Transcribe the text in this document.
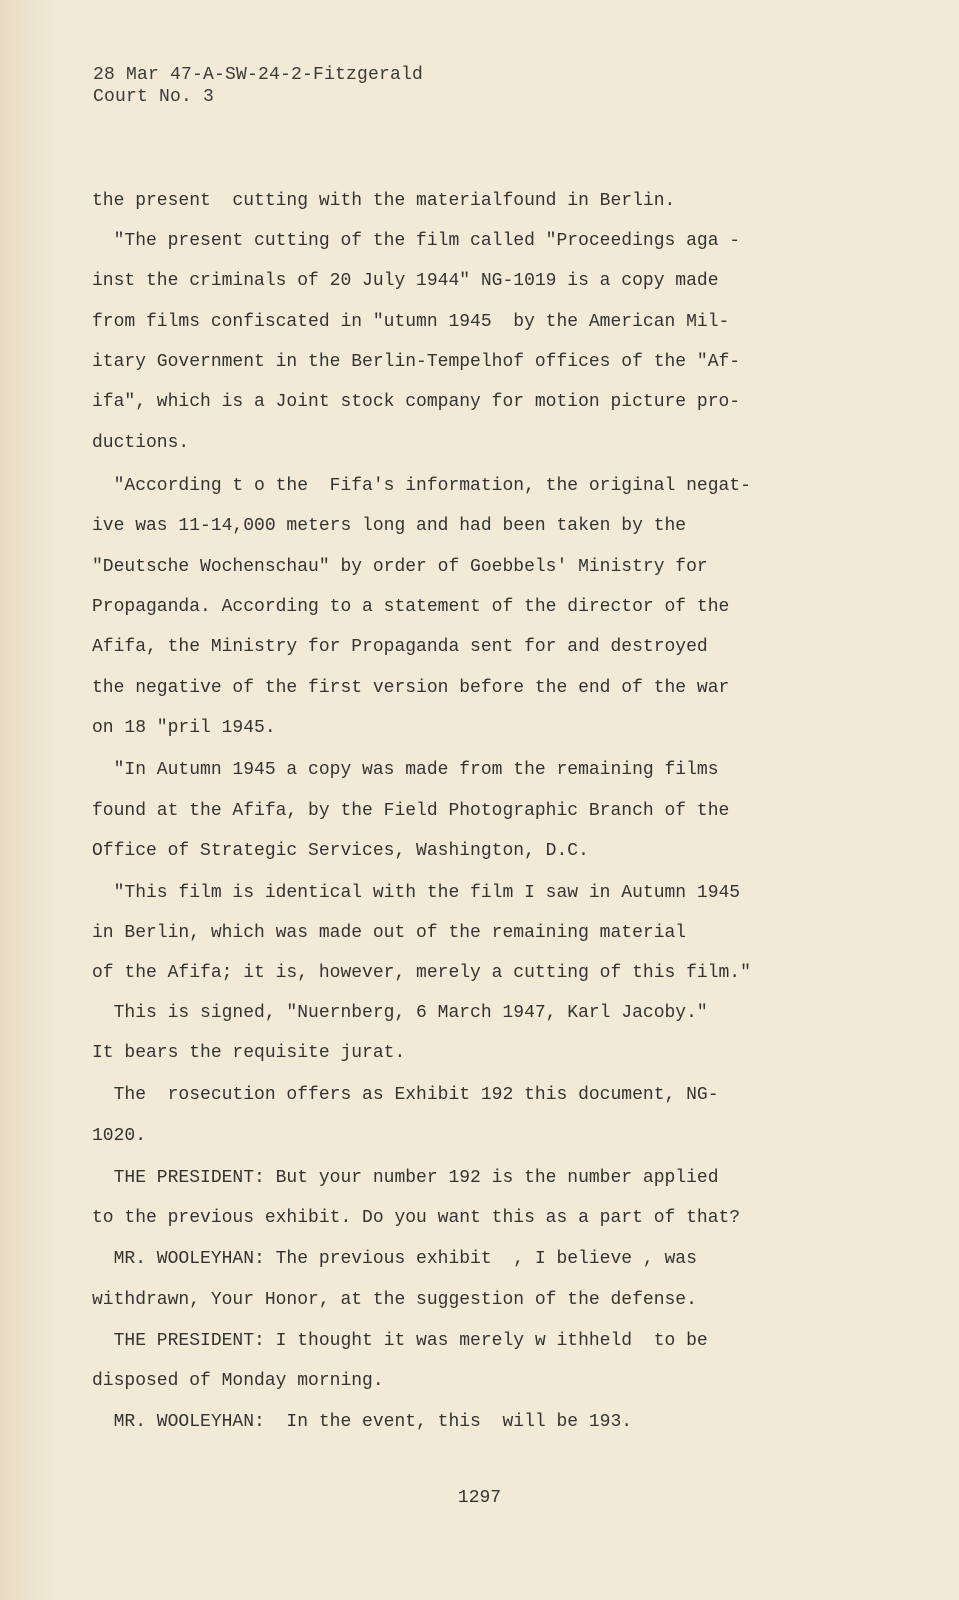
28 Mar 47-A-SW-24-2-Fitzgerald
Court No. 3
the present  cutting with the materialfound in Berlin.
"The present cutting of the film called "Proceedings aga -
inst the criminals of 20 July 1944" NG-1019 is a copy made
from films confiscated in "utumn 1945  by the American Mil-
itary Government in the Berlin-Tempelhof offices of the "Af-
ifa", which is a Joint stock company for motion picture pro-
ductions.
"According t o the  Fifa's information, the original negat-
ive was 11-14,000 meters long and had been taken by the
"Deutsche Wochenschau" by order of Goebbels' Ministry for
Propaganda. According to a statement of the director of the
Afifa, the Ministry for Propaganda sent for and destroyed
the negative of the first version before the end of the war
on 18 "pril 1945.
"In Autumn 1945 a copy was made from the remaining films
found at the Afifa, by the Field Photographic Branch of the
Office of Strategic Services, Washington, D.C.
"This film is identical with the film I saw in Autumn 1945
in Berlin, which was made out of the remaining material
of the Afifa; it is, however, merely a cutting of this film."
This is signed, "Nuernberg, 6 March 1947, Karl Jacoby."
It bears the requisite jurat.
The  rosecution offers as Exhibit 192 this document, NG-
1020.
THE PRESIDENT: But your number 192 is the number applied
to the previous exhibit. Do you want this as a part of that?
MR. WOOLEYHAN: The previous exhibit  , I believe , was
withdrawn, Your Honor, at the suggestion of the defense.
THE PRESIDENT: I thought it was merely w ithheld  to be
disposed of Monday morning.
MR. WOOLEYHAN:  In the event, this  will be 193.
1297
